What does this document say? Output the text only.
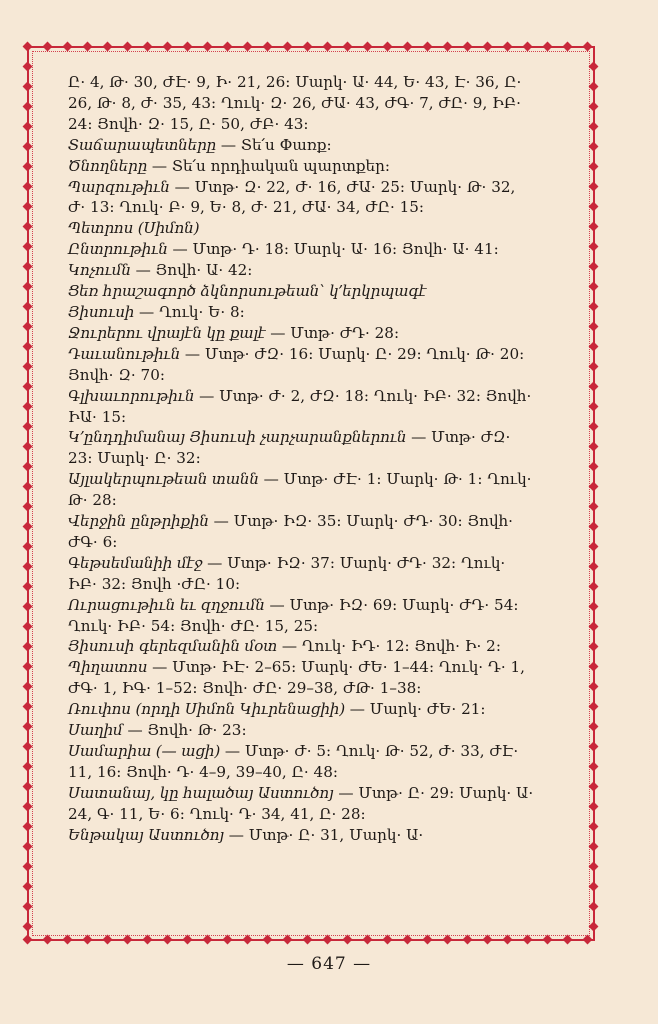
Ը· 4, Թ· 30, ԺԷ· 9, Ի· 21, 26: Մարկ· Ա· 44, Ե· 43, Է· 36, Ը· 26, Թ· 8, Ժ· 35, 43: Ղուկ· Զ· 26, ԺԱ· 43, ԺԳ· 7, ԺԸ· 9, ԻԲ· 24: Յովհ· Զ· 15, Ը· 50, ԺԲ· 43:

Տաճարապետները — Տե՛ս Փառք:

Ծնողները — Տե՛ս որդիական պարտքեր:

Պարզութիւն — Մտթ· Զ· 22, Ժ· 16, ԺԱ· 25: Մարկ· Թ· 32, Ժ· 13: Ղուկ· Բ· 9, Ե· 8, Ժ· 21, ԺԱ· 34, ԺԸ· 15:

Պետրոս (Սիմոն)

Ընտրութիւն — Մտթ· Դ· 18: Մարկ· Ա· 16: Յովհ· Ա· 41:

Կոչումն — Յովհ· Ա· 42:

Ցեռ հրաշագործ ձկնորսութեան՝ կ՚երկրպագէ

Յիսուսի — Ղուկ· Ե· 8:

Ջուրերու վրայէն կը քալէ — Մտթ· ԺԴ· 28:

Դաւանութիւն — Մտթ· ԺԶ· 16: Մարկ· Ը· 29: Ղուկ· Թ· 20: Յովհ· Զ· 70:

Գլխաւորութիւն — Մտթ· Ժ· 2, ԺԶ· 18: Ղուկ· ԻԲ· 32: Յովհ· ԻԱ· 15:

Կ՚ընդդիմանայ Յիսուսի չարչարանքներուն — Մտթ· ԺԶ· 23: Մարկ· Ը· 32:

Այլակերպութեան տանն — Մտթ· ԺԷ· 1: Մարկ· Թ· 1: Ղուկ· Թ· 28:

Վերջին ընթրիքին — Մտթ· ԻԶ· 35: Մարկ· ԺԴ· 30: Յովհ· ԺԳ· 6:

Գեթսեմանիի մէջ — Մտթ· ԻԶ· 37: Մարկ· ԺԴ· 32: Ղուկ· ԻԲ· 32: Յովհ ·ԺԸ· 10:

Ուրացութիւն եւ զղջումն — Մտթ· ԻԶ· 69: Մարկ· ԺԴ· 54: Ղուկ· ԻԲ· 54: Յովհ· ԺԸ· 15, 25:

Յիսուսի գերեզմանին մօտ — Ղուկ· ԻԴ· 12: Յովհ· Ի· 2:

Պիղատոս — Մտթ· ԻԷ· 2–65: Մարկ· ԺԵ· 1–44: Ղուկ· Դ· 1, ԺԳ· 1, ԻԳ· 1–52: Յովհ· ԺԸ· 29–38, ԺԹ· 1–38:

Ռուփոս (որդի Սիմոն Կիւրենացիի) — Մարկ· ԺԵ· 21:

Սաղիմ — Յովհ· Թ· 23:

Սամարիա (— ացի) — Մտթ· Ժ· 5: Ղուկ· Թ· 52, Ժ· 33, ԺԷ· 11, 16: Յովհ· Դ· 4–9, 39–40, Ը· 48:

Սատանայ, կը հալածայ Աստուծոյ — Մտթ· Ը· 29: Մարկ· Ա· 24, Գ· 11, Ե· 6: Ղուկ· Դ· 34, 41, Ը· 28:

Ենթակայ Աստուծոյ — Մտթ· Ը· 31, Մարկ· Ա·

— 647 —
